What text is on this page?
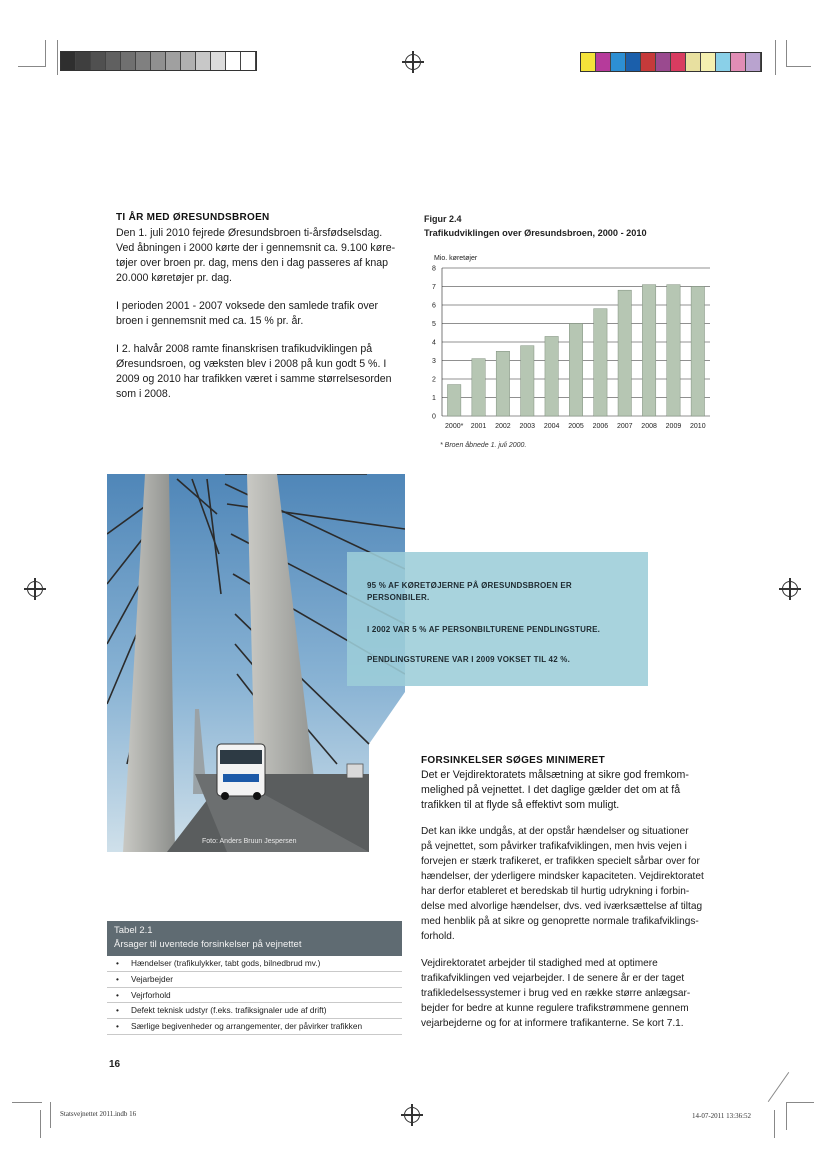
Statsvejnettet 2011.indb 16	14-07-2011 13:36:52
TI ÅR MED ØRESUNDSBROEN

Den 1. juli 2010 fejrede Øresundsbroen ti-årsfødselsdag.
Ved åbningen i 2000 kørte der i gennemsnit ca. 9.100 køre-
tøjer over broen pr. dag, mens den i dag passeres af knap
20.000 køretøjer pr. dag.

I perioden 2001 - 2007 voksede den samlede trafik over
broen i gennemsnit med ca. 15 % pr. år.

I 2. halvår 2008 ramte finanskrisen trafikudviklingen på
Øresundsroen, og væksten blev i 2008 på kun godt 5 %. I
2009 og 2010 har trafikken været i samme størrelsesorden
som i 2008.

Figur 2.4
Trafikudviklingen over Øresundsbroen, 2000 - 2010
Mio. køretøjer
0
1
2
3
4
5
6
7
8
2000* 2001 2002 2003 2004 2005 2006 2007 2008 2009 2010
* Broen åbnede 1. juli 2000.
Foto: Anders Bruun Jespersen

95 % AF KØRETØJERNE PÅ ØRESUNDSBROEN ER
PERSONBILER.

I 2002 VAR 5 % AF PERSONBILTURENE PENDLINGSTURE.

PENDLINGSTURENE VAR I 2009 VOKSET TIL 42 %.

FORSINKELSER SØGES MINIMERET

Det er Vejdirektoratets målsætning at sikre god fremkom-
melighed på vejnettet. I det daglige gælder det om at få
trafikken til at flyde så effektivt som muligt.

Det kan ikke undgås, at der opstår hændelser og situationer
på vejnettet, som påvirker trafikafviklingen, men hvis vejen i
forvejen er stærk trafikeret, er trafikken specielt sårbar over for
hændelser, der yderligere mindsker kapaciteten. Vejdirektoratet
har derfor etableret et beredskab til hurtig udrykning i forbin-
delse med alvorlige hændelser, dvs. ved iværksættelse af tiltag
med henblik på at sikre og genoprette normale trafikafviklings-
forhold.

Vejdirektoratet arbejder til stadighed med at optimere
trafikafviklingen ved vejarbejder. I de senere år er der taget
trafikledelsessystemer i brug ved en række større anlægsar-
bejder for bedre at kunne regulere trafikstrømmene gennem
vejarbejderne og for at informere trafikanterne. Se kort 7.1.

Tabel 2.1
Årsager til uventede forsinkelser på vejnettet
• Hændelser (trafikulykker, tabt gods, bilnedbrud mv.)
• Vejarbejder
• Vejrforhold
• Defekt teknisk udstyr (f.eks. trafiksignaler ude af drift)
• Særlige begivenheder og arrangementer, der påvirker trafikken
16
